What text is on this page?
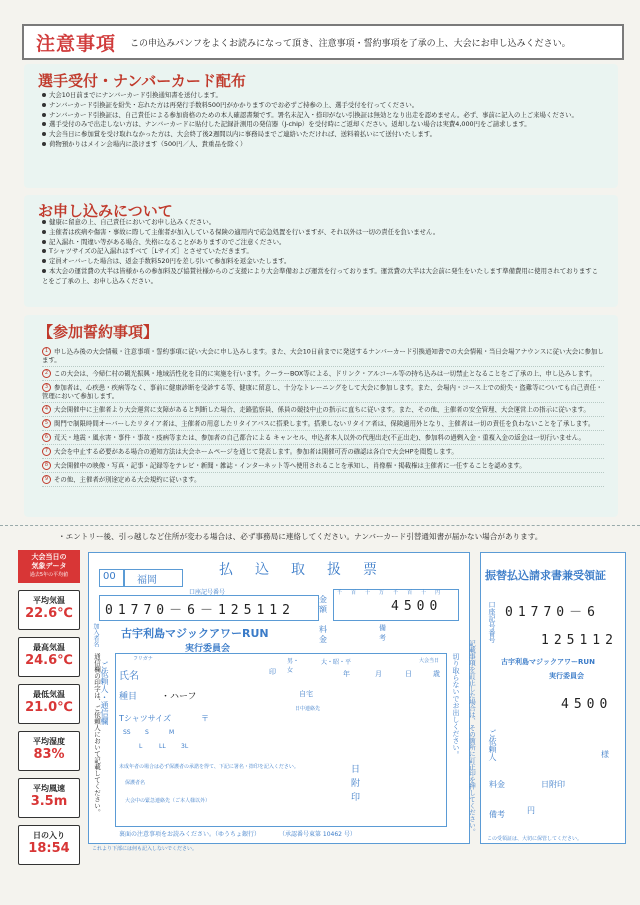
注意事項 この申込みパンフをよくお読みになって頂き、注意事項・誓約事項を了承の上、大会にお申し込みください。
選手受付・ナンバーカード配布
大会10日前までにナンバーカード引換通知書を送付します。
ナンバーカード引換証を紛失・忘れた方は再発行手数料500円がかかりますのでお必ずご持参の上、選手受付を行ってください。
ナンバーカード引換証は、自己責任による参加資格のための本人確認書類です。署名未記入・捺印がない引換証は無効となり出走を認めません。必ず、事前に記入の上ご来場ください。
選手受付のみで出走しない方は、ナンバーカードに貼付した記録計測用の発信器（J-chip）を受付時にご返却ください。返却しない場合は実費4,000円をご請求します。
大会当日に参加賞を受け取れなかった方は、大会終了後2週間以内に事務局までご連絡いただければ、送料着払いにて送付いたします。
荷物預かりはメイン会場内に設けます（500円／人、貴重品を除く）
お申し込みについて
健康に留意の上、自己責任においてお申し込みください。
主催者は疾病や傷害・事故に際して主催者が加入している保険の適用内で応急処置を行いますが、それ以外は一切の責任を負いません。
記入漏れ・間違い等がある場合、失格になることがありますのでご注意ください。
Tシャツサイズの記入漏れはすべて［Lサイズ］とさせていただきます。
定員オーバーした場合は、返金手数料520円を差し引いて参加料を返金いたします。
本大会の運営費の大半は皆様からの参加料及び協賛社様からのご支援により大会準備および運営を行っております。運営費の大半は大会前に発生をいたします準備費用に使用されておりますことをご了承の上、お申し込みください。
【参加誓約事項】
1 申し込み後の大会情報・注意事項・誓約事項に従い大会に申し込みします。また、大会10日前までに発送するナンバーカード引換通知書での大会情報・当日会場アナウンスに従い大会に参加します。
2 この大会は、今帰仁村の観光振興・地域活性化を目的に実施を行います。クーラーBOX等による、ドリンク・アルコール等の持ち込みは一切禁止となることをご了承の上、申し込みします。
3 参加者は、心疾患・疾病等なく、事前に健康診断を受診する等、健康に留意し、十分なトレーニングをして大会に参加します。また、会場内・コース上での紛失・盗難等についても自己責任・管理において参加します。
4 大会開催中に主催者より大会運営に支障があると判断した場合、走路監察員、係員の競技中止の指示に直ちに従います。また、その他、主催者の安全管理、大会運営上の指示に従います。
5 関門で制限時間オーバーしたリタイア者は、主催者の用意したリタイアバスに搭乗します。搭乗しないリタイア者は、保険適用外となり、主催者は一切の責任を負わないことを了承します。
6 荒天・地震・風水害・事件・事故・疫病等または、参加者の自己都合による キャンセル、申込者本人以外の代理出走(不正出走)、参加料の過剰入金・重複入金の返金は一切行いません。
7 大会を中止する必要がある場合の通知方法は大会ホームページを通じて発表します。参加者は開催可否の確認は各自で大会HPを閲覧します。
8 大会開催中の映像・写真・記事・記録等をテレビ・新聞・雑誌・インターネット等へ使用されることを承知し、肖像権・掲載権は主催者に一任することを認めます。
9 その他、主催者が別途定める大会規約に従います。
・エントリー後、引っ越しなど住所が変わる場合は、必ず事務局に連絡してください。ナンバーカード引替通知書が届かない場合があります。
大会当日の
気象データ
過去5年の平均値
平均気温
22.6℃
最高気温
24.6℃
最低気温
21.0℃
平均湿度
83%
平均風速
3.5m
日の入り
18:54
払込取扱票
00 福岡
口座記号番号
01770－6－125112
金額
千百十万千百十円
4500
加入者名 古宇利島マジックアワーRUN
実行委員会
料金
備考
ご依頼人・通信欄
通信欄の印字は、ご依頼人において記載してください。	フリガナ
氏名	印
男・女
大・昭・平	大会当日
年	月	日	歳
種目	・ハーフ	自宅
日中連絡先
Tシャツサイズ	〒
SS S	M
L	LL	3L
未成年者の場合は必ず保護者の承諾を得て、下記に署名・捺印を記入ください。
保護者名
大会中の緊急連絡先（ご本人様以外）
日附印
裏面の注意事項をお読みください。（ゆうちょ銀行）	（承認番号東第 10462 号）
切り取らないでお出しください。
これより下部には何も記入しないでください。
振替払込請求書兼受領証
口座記号番号 01770－6
125112
古宇利島マジックアワーRUN
実行委員会
4500
ご依頼人	様
料金
円
備考
日附印
この受領証は、大切に保管してください。
記載事項を訂正した場合は、その箇所に訂正印を押してください。
